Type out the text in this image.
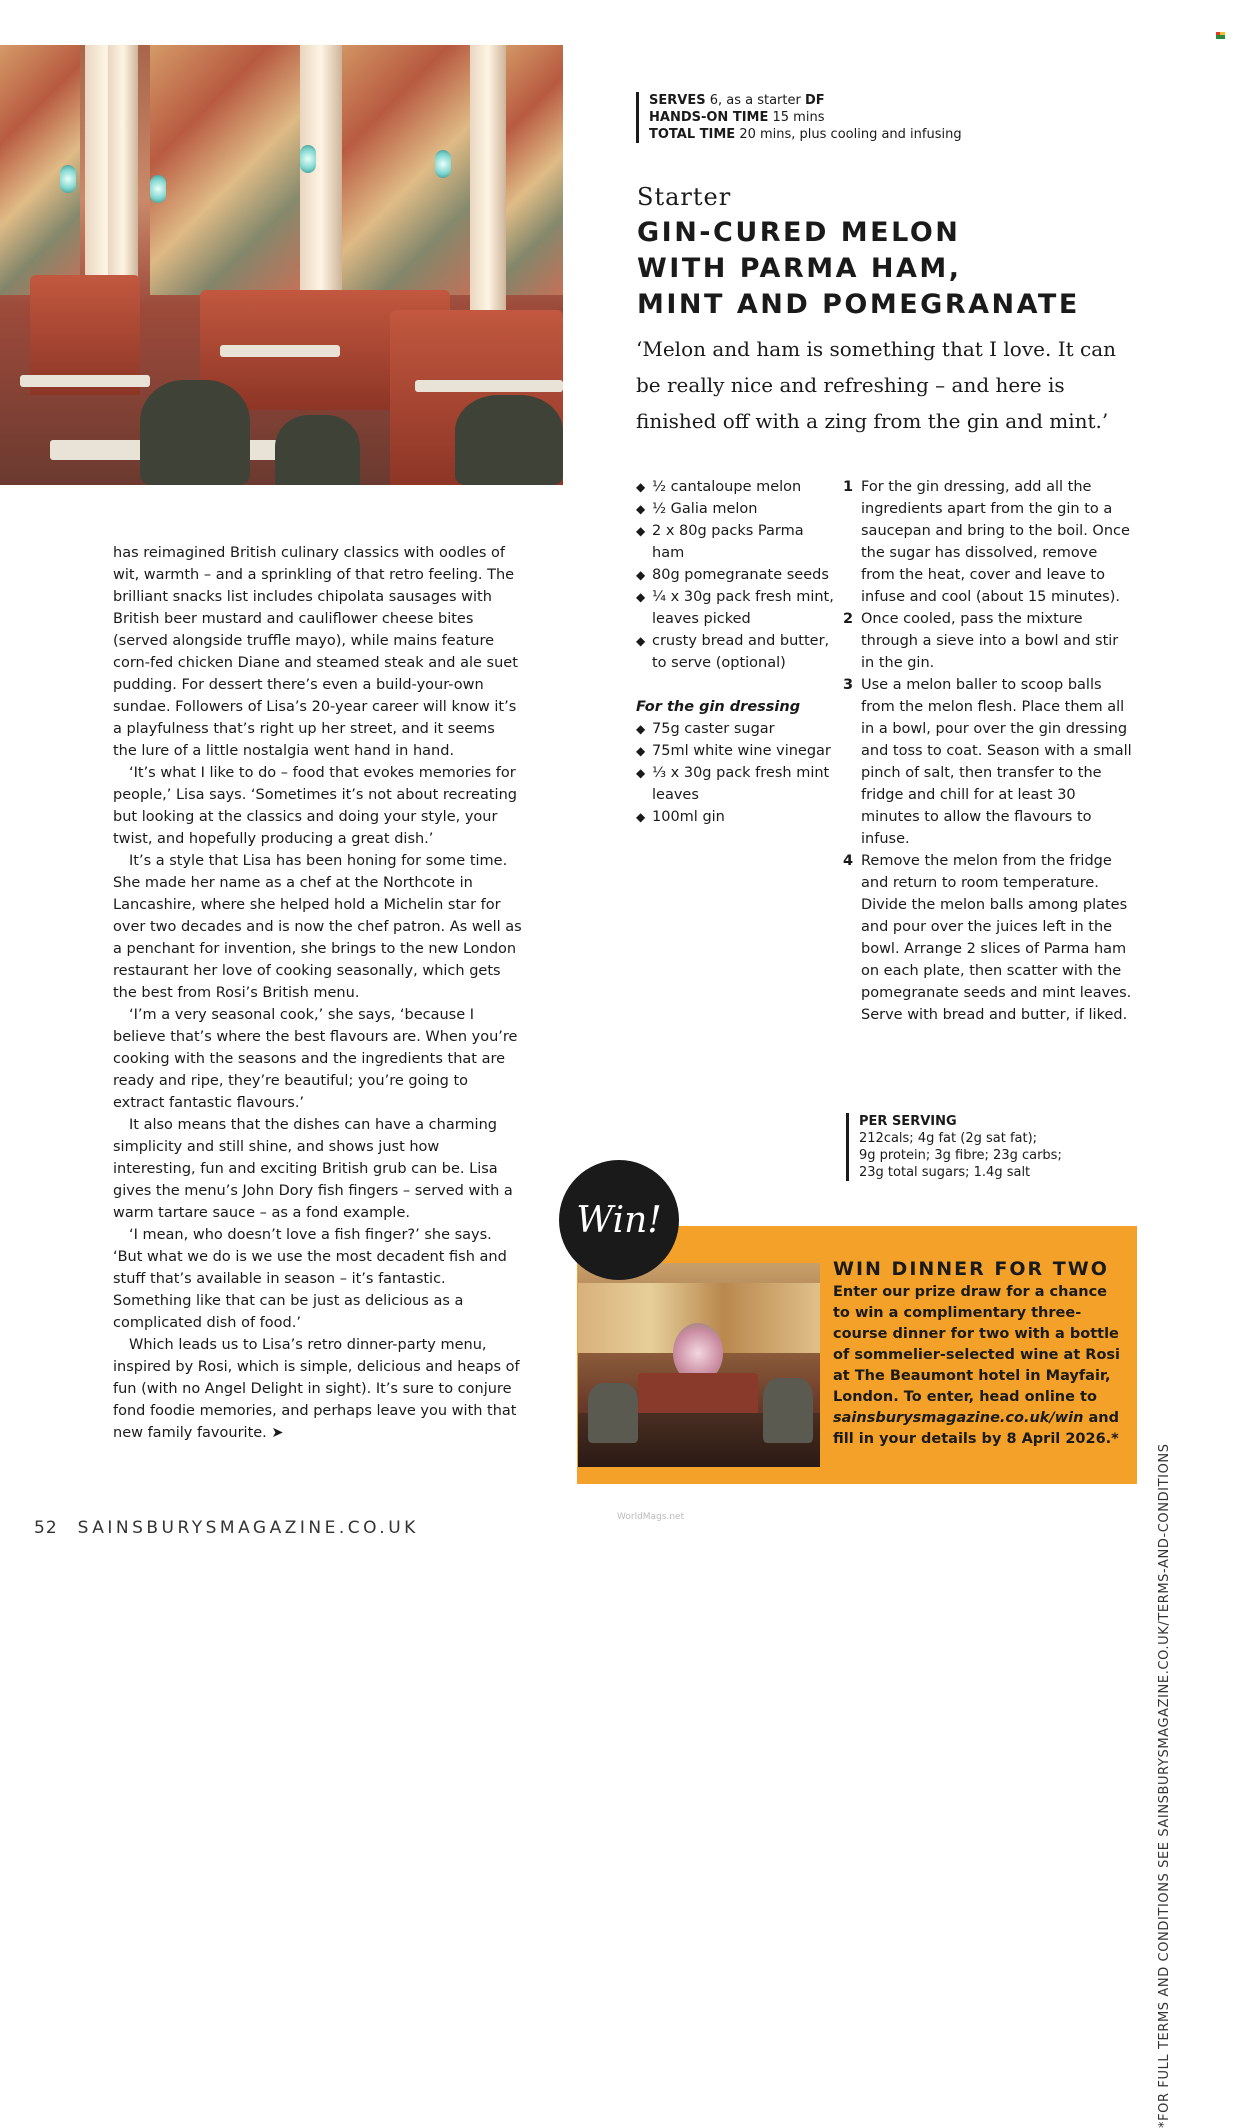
SERVES 6, as a starter DF
HANDS-ON TIME 15 mins
TOTAL TIME 20 mins, plus cooling and infusing
Starter
GIN-CURED MELON
WITH PARMA HAM,
MINT AND POMEGRANATE
‘Melon and ham is something that I love. It can
be really nice and refreshing – and here is
finished off with a zing from the gin and mint.’
◆ ½ cantaloupe melon
◆ ½ Galia melon
◆ 2 x 80g packs Parma ham
◆ 80g pomegranate seeds
◆ ¼ x 30g pack fresh mint, leaves picked
◆ crusty bread and butter, to serve (optional)
For the gin dressing
◆ 75g caster sugar
◆ 75ml white wine vinegar
◆ ⅓ x 30g pack fresh mint leaves
◆ 100ml gin
1 For the gin dressing, add all the ingredients apart from the gin to a saucepan and bring to the boil. Once the sugar has dissolved, remove from the heat, cover and leave to infuse and cool (about 15 minutes).
2 Once cooled, pass the mixture through a sieve into a bowl and stir in the gin.
3 Use a melon baller to scoop balls from the melon flesh. Place them all in a bowl, pour over the gin dressing and toss to coat. Season with a small pinch of salt, then transfer to the fridge and chill for at least 30 minutes to allow the flavours to infuse.
4 Remove the melon from the fridge and return to room temperature. Divide the melon balls among plates and pour over the juices left in the bowl. Arrange 2 slices of Parma ham on each plate, then scatter with the pomegranate seeds and mint leaves. Serve with bread and butter, if liked.
PER SERVING
212cals; 4g fat (2g sat fat);
9g protein; 3g fibre; 23g carbs;
23g total sugars; 1.4g salt

has reimagined British culinary classics with oodles of wit, warmth – and a sprinkling of that retro feeling. The brilliant snacks list includes chipolata sausages with British beer mustard and cauliflower cheese bites (served alongside truffle mayo), while mains feature corn-fed chicken Diane and steamed steak and ale suet pudding. For dessert there’s even a build-your-own sundae. Followers of Lisa’s 20-year career will know it’s a playfulness that’s right up her street, and it seems the lure of a little nostalgia went hand in hand.

‘It’s what I like to do – food that evokes memories for people,’ Lisa says. ‘Sometimes it’s not about recreating but looking at the classics and doing your style, your twist, and hopefully producing a great dish.’

It’s a style that Lisa has been honing for some time. She made her name as a chef at the Northcote in Lancashire, where she helped hold a Michelin star for over two decades and is now the chef patron. As well as a penchant for invention, she brings to the new London restaurant her love of cooking seasonally, which gets the best from Rosi’s British menu.

‘I’m a very seasonal cook,’ she says, ‘because I believe that’s where the best flavours are. When you’re cooking with the seasons and the ingredients that are ready and ripe, they’re beautiful; you’re going to extract fantastic flavours.’

It also means that the dishes can have a charming simplicity and still shine, and shows just how interesting, fun and exciting British grub can be. Lisa gives the menu’s John Dory fish fingers – served with a warm tartare sauce – as a fond example.

‘I mean, who doesn’t love a fish finger?’ she says. ‘But what we do is we use the most decadent fish and stuff that’s available in season – it’s fantastic. Something like that can be just as delicious as a complicated dish of food.’

Which leads us to Lisa’s retro dinner-party menu, inspired by Rosi, which is simple, delicious and heaps of fun (with no Angel Delight in sight). It’s sure to conjure fond foodie memories, and perhaps leave you with that new family favourite. ➤

Win!
WIN DINNER FOR TWO
Enter our prize draw for a chance to win a complimentary three-course dinner for two with a bottle of sommelier-selected wine at Rosi at The Beaumont hotel in Mayfair, London. To enter, head online to sainsburysmagazine.co.uk/win and fill in your details by 8 April 2026.*
*FOR FULL TERMS AND CONDITIONS SEE SAINSBURYSMAGAZINE.CO.UK/TERMS-AND-CONDITIONS
52 SAINSBURYSMAGAZINE.CO.UK
WorldMags.net
